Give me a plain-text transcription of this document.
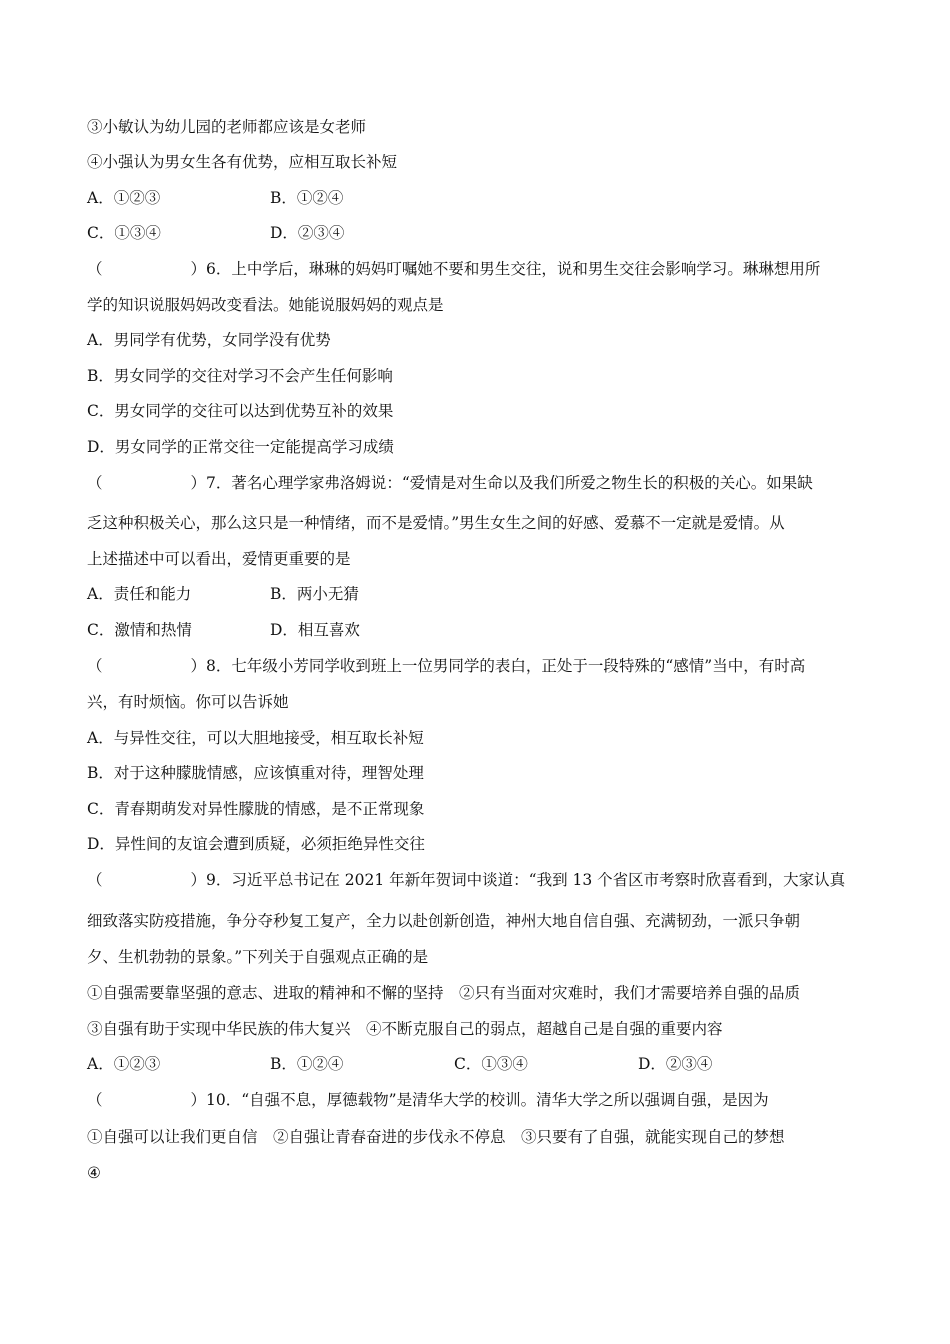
③小敏认为幼儿园的老师都应该是女老师
④小强认为男女生各有优势，应相互取长补短
A．①②③	B．①②④
C．①③④	D．②③④
（	）6．上中学后，琳琳的妈妈叮嘱她不要和男生交往，说和男生交往会影响学习。琳琳想用所
学的知识说服妈妈改变看法。她能说服妈妈的观点是
A．男同学有优势，女同学没有优势
B．男女同学的交往对学习不会产生任何影响
C．男女同学的交往可以达到优势互补的效果
D．男女同学的正常交往一定能提高学习成绩
（	）7．著名心理学家弗洛姆说：“爱情是对生命以及我们所爱之物生长的积极的关心。如果缺
乏这种积极关心，那么这只是一种情绪，而不是爱情。”男生女生之间的好感、爱慕不一定就是爱情。从
上述描述中可以看出，爱情更重要的是
A．责任和能力	B．两小无猜
C．激情和热情	D．相互喜欢
（	）8．七年级小芳同学收到班上一位男同学的表白，正处于一段特殊的“感情”当中，有时高
兴，有时烦恼。你可以告诉她
A．与异性交往，可以大胆地接受，相互取长补短
B．对于这种朦胧情感，应该慎重对待，理智处理
C．青春期萌发对异性朦胧的情感，是不正常现象
D．异性间的友谊会遭到质疑，必须拒绝异性交往
（	）9．习近平总书记在 2021 年新年贺词中谈道：“我到 13 个省区市考察时欣喜看到，大家认真
细致落实防疫措施，争分夺秒复工复产，全力以赴创新创造，神州大地自信自强、充满韧劲，一派只争朝
夕、生机勃勃的景象。”下列关于自强观点正确的是
①自强需要靠坚强的意志、进取的精神和不懈的坚持　②只有当面对灾难时，我们才需要培养自强的品质
③自强有助于实现中华民族的伟大复兴　④不断克服自己的弱点，超越自己是自强的重要内容
A．①②③	B．①②④	C．①③④	D．②③④
（	）10．“自强不息，厚德载物”是清华大学的校训。清华大学之所以强调自强，是因为
①自强可以让我们更自信　②自强让青春奋进的步伐永不停息　③只要有了自强，就能实现自己的梦想
④
